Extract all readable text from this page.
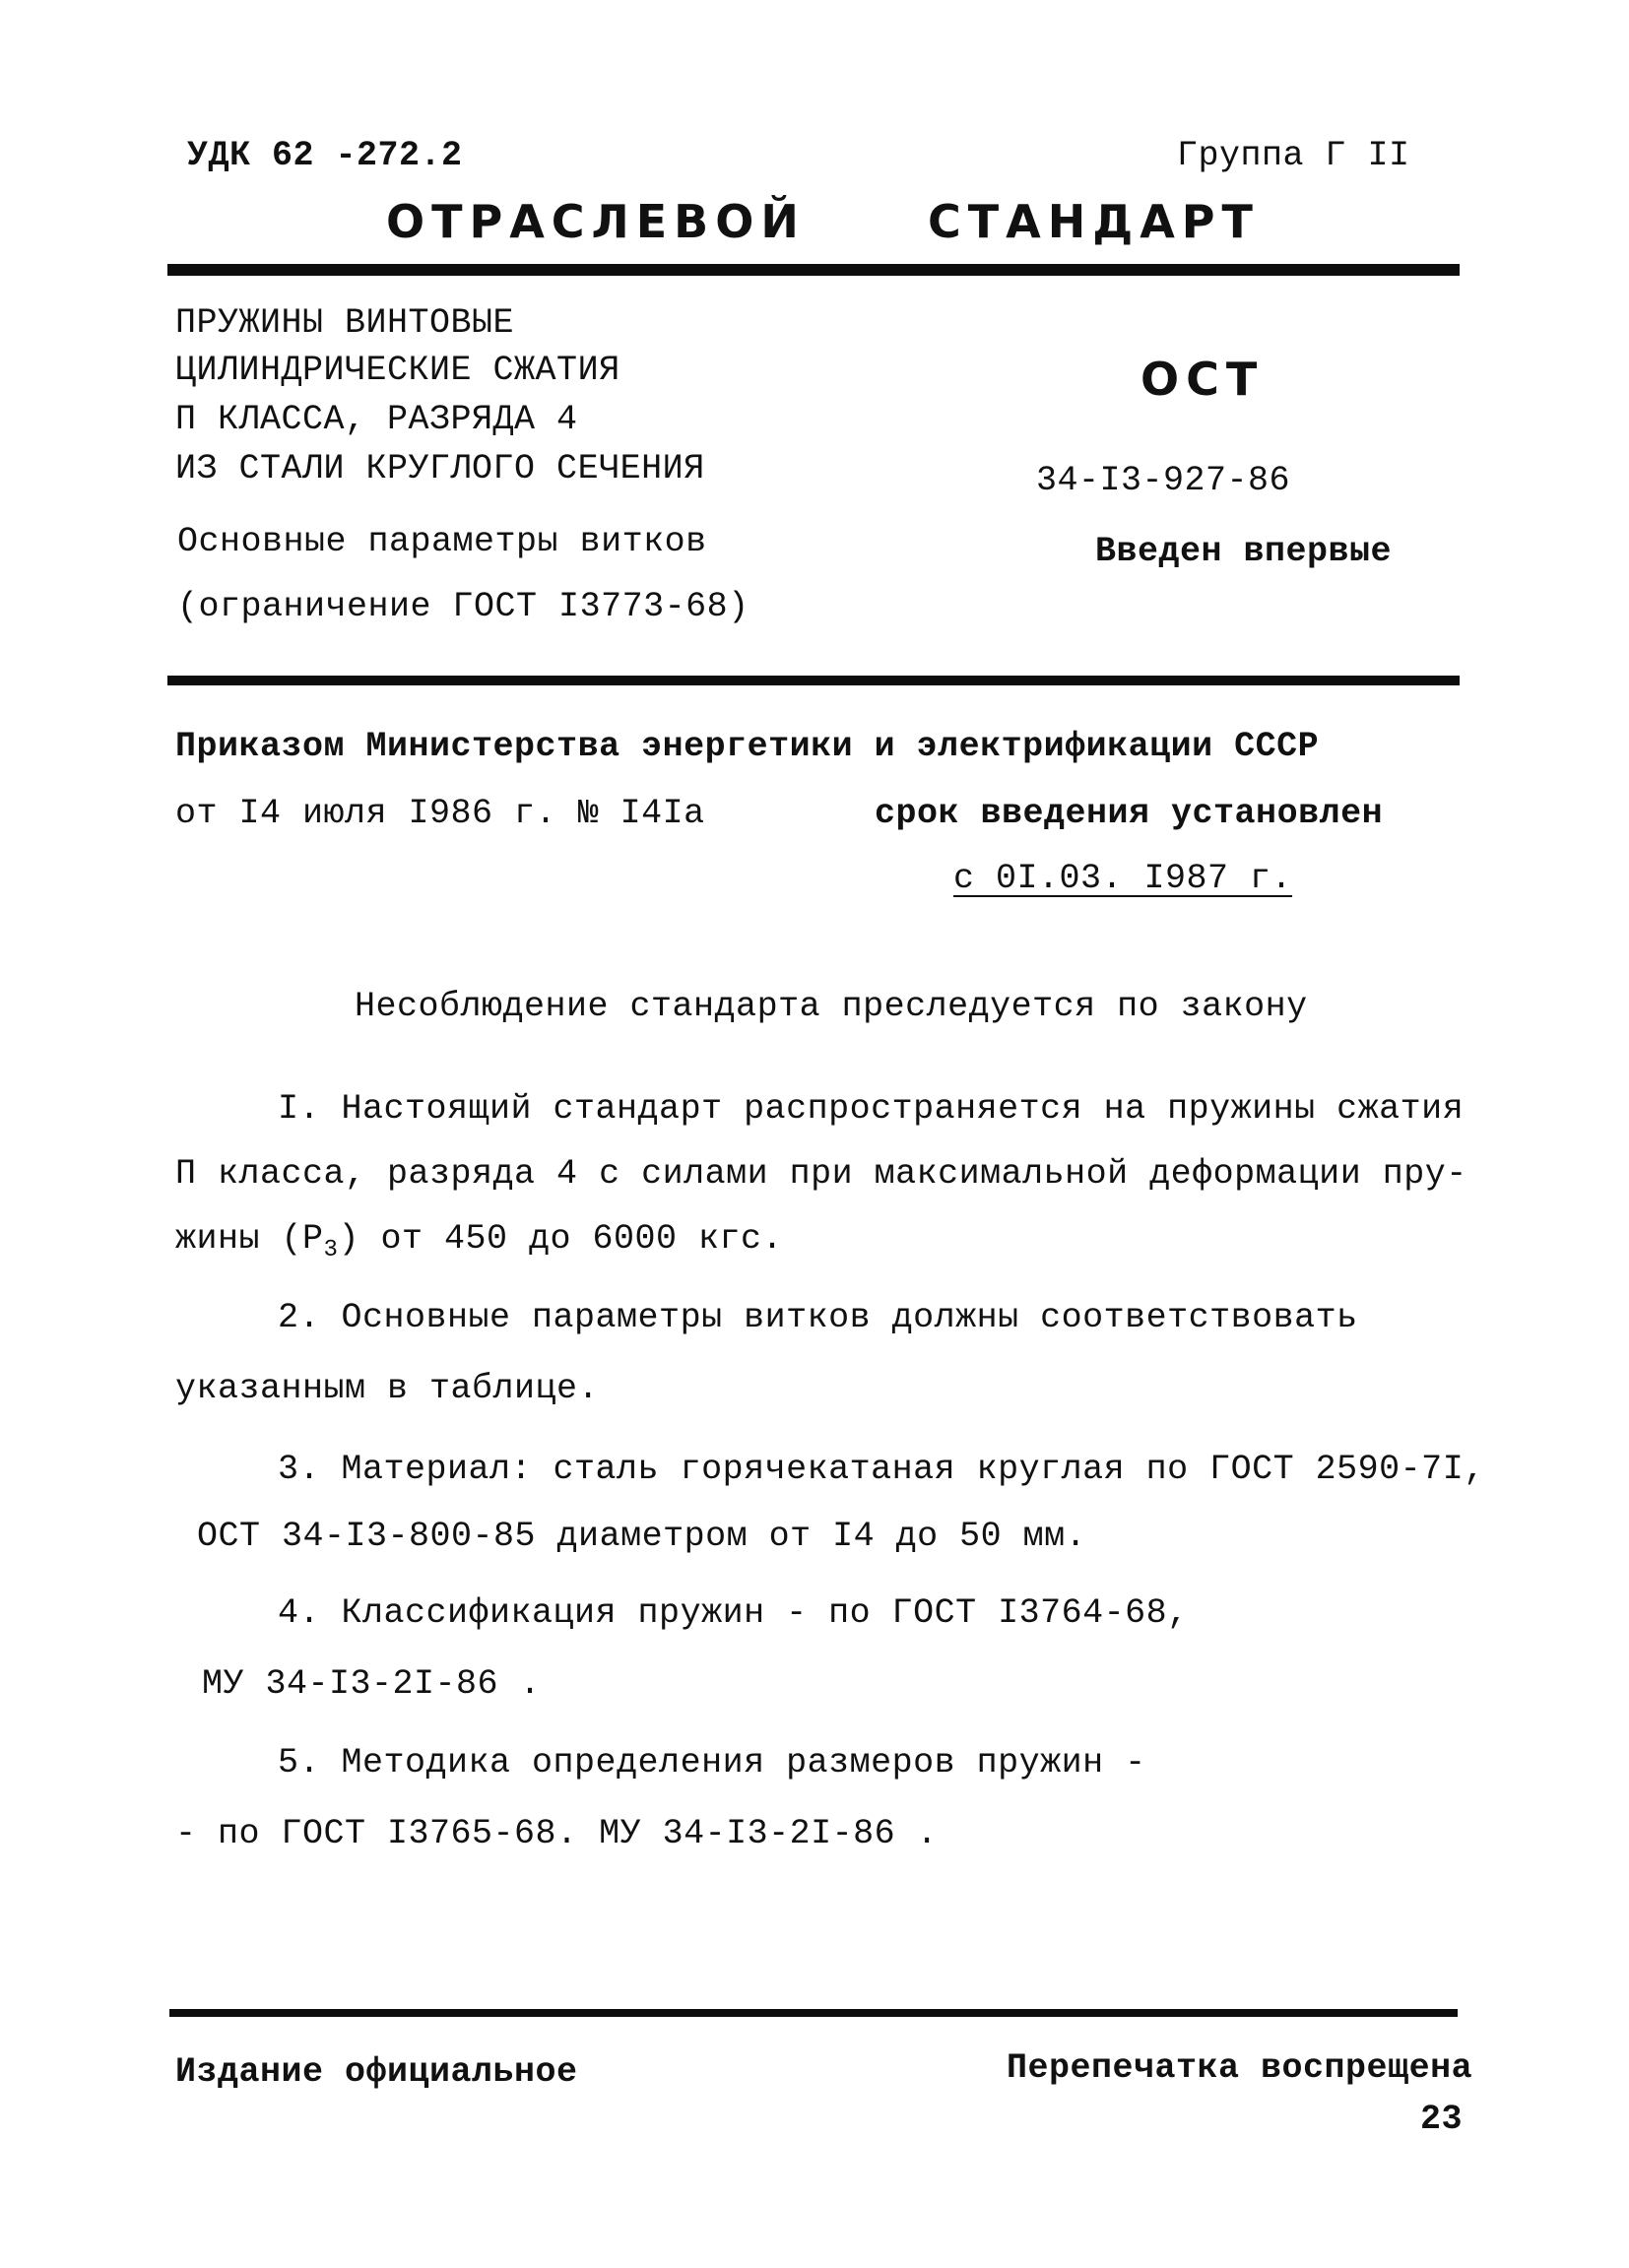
УДК 62 -272.2	Группа Г II
ОТРАСЛЕВОЙ	СТАНДАРТ
ПРУЖИНЫ ВИНТОВЫЕ
ЦИЛИНДРИЧЕСКИЕ СЖАТИЯ
П КЛАССА, РАЗРЯДА 4
ИЗ СТАЛИ КРУГЛОГО СЕЧЕНИЯ
Основные параметры витков
(ограничение ГОСТ I3773-68)
ОСТ
34-I3-927-86
Введен впервые
Приказом Министерства энергетики и электрификации СССР
от I4 июля I986 г. № I4Iа	срок введения установлен
с 0I.03. I987 г.
Несоблюдение стандарта преследуется по закону
I. Настоящий стандарт распространяется на пружины сжатия
П класса, разряда 4 с силами при максимальной деформации пру-
жины $(Р_3)$ от 450 до 6000 кгс.
2. Основные параметры витков должны соответствовать
указанным в таблице.
3. Материал: сталь горячекатаная круглая по ГОСТ 2590-7I,
ОСТ 34-I3-800-85 диаметром от I4 до 50 мм.
4. Классификация пружин - по ГОСТ I3764-68,
МУ 34-I3-2I-86 .
5. Методика определения размеров пружин -
- по ГОСТ I3765-68. МУ 34-I3-2I-86 .
Издание официальное	Перепечатка воспрещена
23
